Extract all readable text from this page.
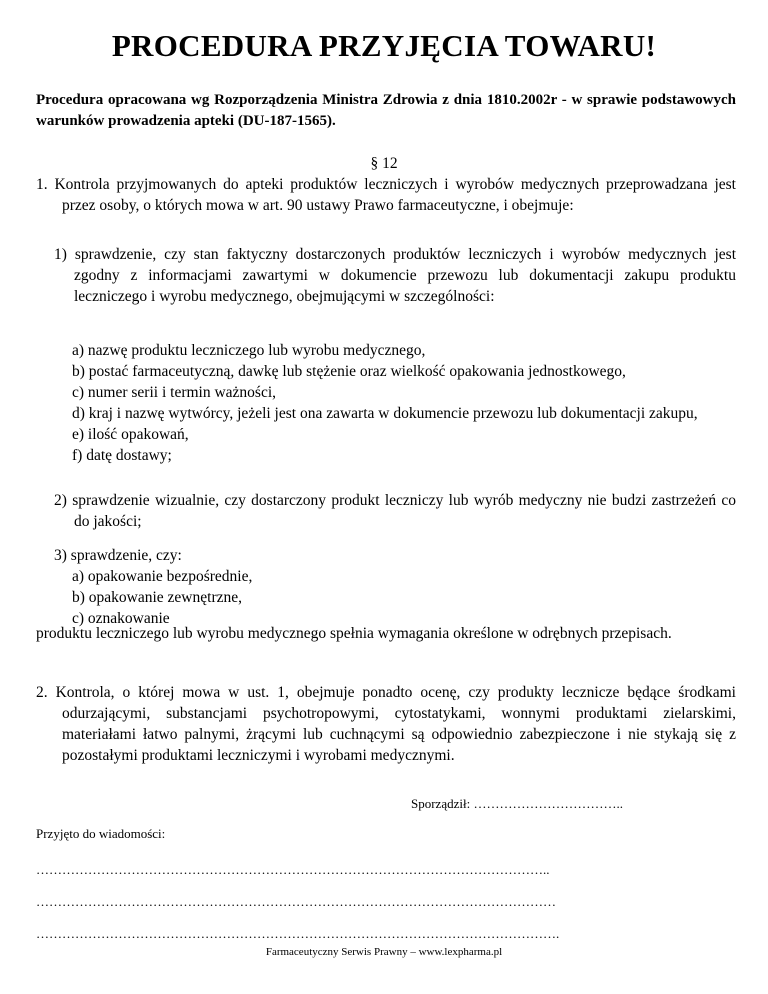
PROCEDURA PRZYJĘCIA TOWARU!
Procedura opracowana wg Rozporządzenia Ministra Zdrowia z dnia 1810.2002r - w sprawie podstawowych warunków prowadzenia apteki (DU-187-1565).
§ 12
1. Kontrola przyjmowanych do apteki produktów leczniczych i wyrobów medycznych przeprowadzana jest przez osoby, o których mowa w art. 90 ustawy Prawo farmaceutyczne, i obejmuje:
1) sprawdzenie, czy stan faktyczny dostarczonych produktów leczniczych i wyrobów medycznych jest zgodny z informacjami zawartymi w dokumencie przewozu lub dokumentacji zakupu produktu leczniczego i wyrobu medycznego, obejmującymi w szczególności:
a) nazwę produktu leczniczego lub wyrobu medycznego,
b) postać farmaceutyczną, dawkę lub stężenie oraz wielkość opakowania jednostkowego,
c) numer serii i termin ważności,
d) kraj i nazwę wytwórcy, jeżeli jest ona zawarta w dokumencie przewozu lub dokumentacji zakupu,
e) ilość opakowań,
f) datę dostawy;
2) sprawdzenie wizualnie, czy dostarczony produkt leczniczy lub wyrób medyczny nie budzi zastrzeżeń co do jakości;
3) sprawdzenie, czy:
a) opakowanie bezpośrednie,
b) opakowanie zewnętrzne,
c) oznakowanie
produktu leczniczego lub wyrobu medycznego spełnia wymagania określone w odrębnych przepisach.
2. Kontrola, o której mowa w ust. 1, obejmuje ponadto ocenę, czy produkty lecznicze będące środkami odurzającymi, substancjami psychotropowymi, cytostatykami, wonnymi produktami zielarskimi, materiałami łatwo palnymi, żrącymi lub cuchnącymi są odpowiednio zabezpieczone i nie stykają się z pozostałymi produktami leczniczymi i wyrobami medycznymi.
Sporządził: ……………………………..
Przyjęto do wiadomości:
………………………………………………………………………………………………………..
…………………………………………………………………………………………………………
………………………………………………………………………………………………………….
Farmaceutyczny Serwis Prawny – www.lexpharma.pl
